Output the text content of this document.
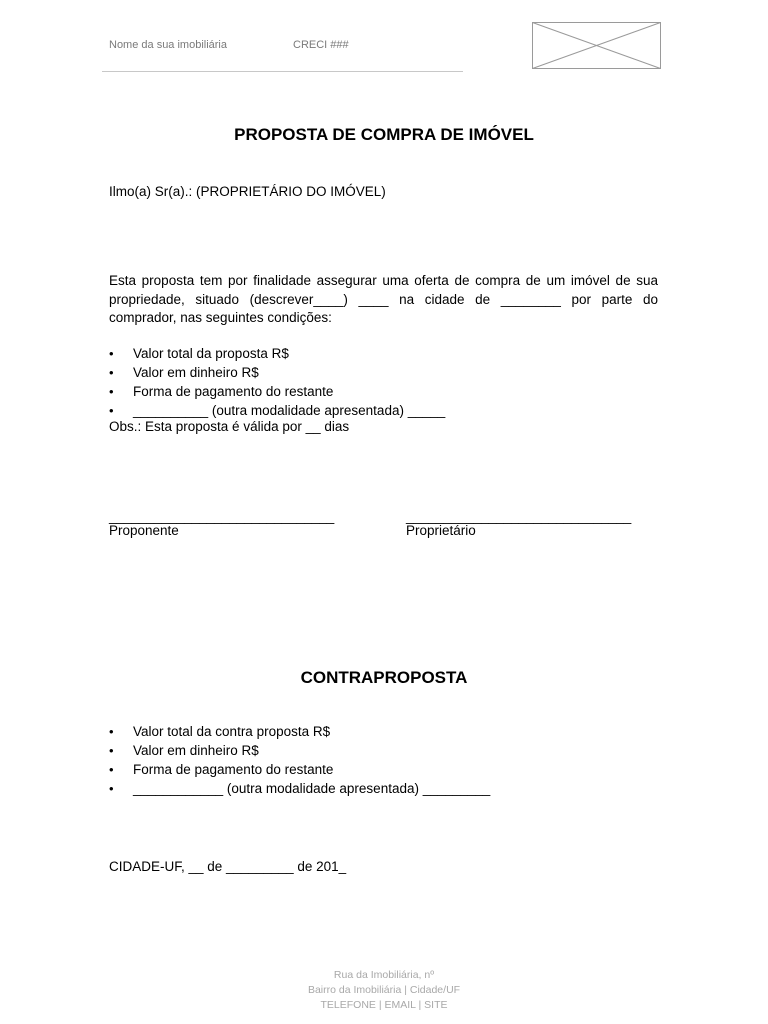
Nome da sua imobiliária	CRECI ###
PROPOSTA DE COMPRA DE IMÓVEL
Ilmo(a) Sr(a).: (PROPRIETÁRIO DO IMÓVEL)
Esta proposta tem por finalidade assegurar uma oferta de compra de um imóvel de sua
propriedade, situado (descrever____) ____ na cidade de ________ por parte do
comprador, nas seguintes condições:
• Valor total da proposta R$
• Valor em dinheiro R$
• Forma de pagamento do restante
• __________ (outra modalidade apresentada) _____
Obs.: Esta proposta é válida por __ dias
______________________________	______________________________
Proponente	Proprietário
CONTRAPROPOSTA
• Valor total da contra proposta R$
• Valor em dinheiro R$
• Forma de pagamento do restante
• ____________ (outra modalidade apresentada) _________
CIDADE-UF, __ de _________ de 201_
Rua da Imobiliária, nº
Bairro da Imobiliária | Cidade/UF
TELEFONE | EMAIL | SITE
